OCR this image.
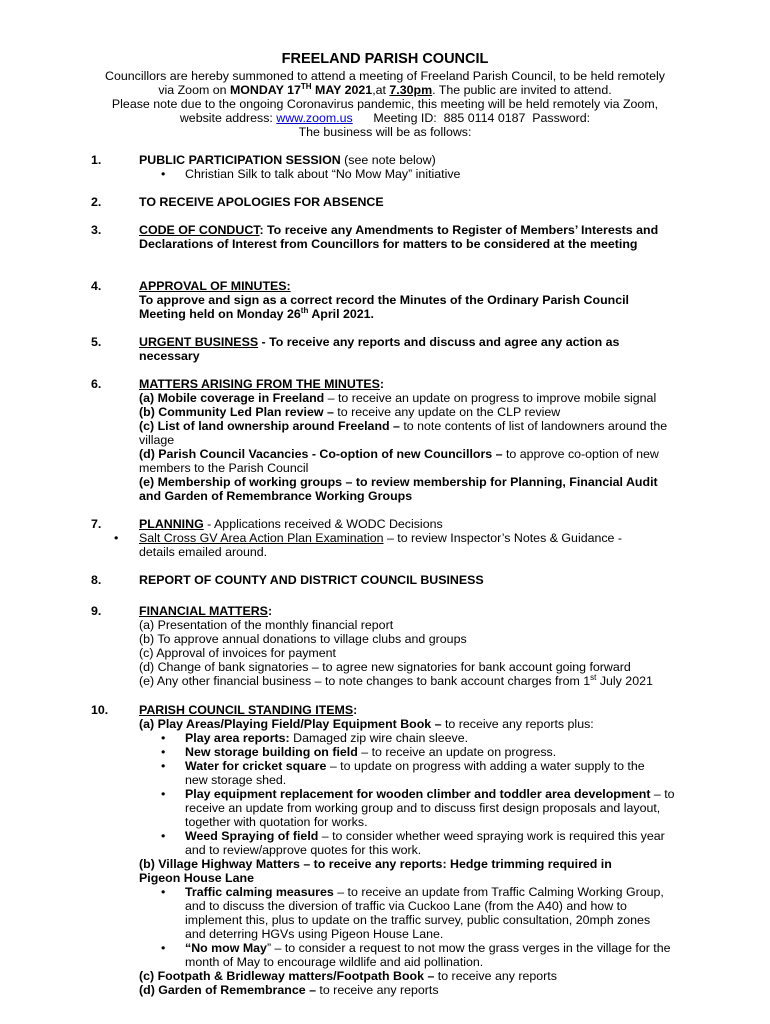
FREELAND PARISH COUNCIL
Councillors are hereby summoned to attend a meeting of Freeland Parish Council, to be held remotely
via Zoom on MONDAY 17TH MAY 2021,at 7.30pm. The public are invited to attend.
Please note due to the ongoing Coronavirus pandemic, this meeting will be held remotely via Zoom,
website address: www.zoom.us      Meeting ID:  885 0114 0187  Password:
The business will be as follows:
1.	PUBLIC PARTICIPATION SESSION (see note below)
• Christian Silk to talk about “No Mow May” initiative
2.	TO RECEIVE APOLOGIES FOR ABSENCE
3.	CODE OF CONDUCT: To receive any Amendments to Register of Members’ Interests and Declarations of Interest from Councillors for matters to be considered at the meeting
4.	APPROVAL OF MINUTES:
To approve and sign as a correct record the Minutes of the Ordinary Parish Council Meeting held on Monday 26th April 2021.
5.	URGENT BUSINESS - To receive any reports and discuss and agree any action as necessary
6.	MATTERS ARISING FROM THE MINUTES:
(a) Mobile coverage in Freeland – to receive an update on progress to improve mobile signal
(b) Community Led Plan review – to receive any update on the CLP review
(c) List of land ownership around Freeland – to note contents of list of landowners around the village
(d) Parish Council Vacancies - Co-option of new Councillors – to approve co-option of new members to the Parish Council
(e) Membership of working groups – to review membership for Planning, Financial Audit and Garden of Remembrance Working Groups
7.	PLANNING - Applications received & WODC Decisions
•	Salt Cross GV Area Action Plan Examination – to review Inspector’s Notes & Guidance - details emailed around.
8.	REPORT OF COUNTY AND DISTRICT COUNCIL BUSINESS
9.	FINANCIAL MATTERS:
(a) Presentation of the monthly financial report
(b) To approve annual donations to village clubs and groups
(c) Approval of invoices for payment
(d) Change of bank signatories – to agree new signatories for bank account going forward
(e) Any other financial business – to note changes to bank account charges from 1st July 2021
10. PARISH COUNCIL STANDING ITEMS:
(a) Play Areas/Playing Field/Play Equipment Book – to receive any reports plus:
• Play area reports: Damaged zip wire chain sleeve.
• New storage building on field – to receive an update on progress.
• Water for cricket square – to update on progress with adding a water supply to the new storage shed.
• Play equipment replacement for wooden climber and toddler area development – to receive an update from working group and to discuss first design proposals and layout, together with quotation for works.
• Weed Spraying of field – to consider whether weed spraying work is required this year and to review/approve quotes for this work.
(b) Village Highway Matters – to receive any reports: Hedge trimming required in Pigeon House Lane
• Traffic calming measures – to receive an update from Traffic Calming Working Group, and to discuss the diversion of traffic via Cuckoo Lane (from the A40) and how to implement this, plus to update on the traffic survey, public consultation, 20mph zones and deterring HGVs using Pigeon House Lane.
• “No mow May” – to consider a request to not mow the grass verges in the village for the month of May to encourage wildlife and aid pollination.
(c) Footpath & Bridleway matters/Footpath Book – to receive any reports
(d) Garden of Remembrance – to receive any reports
